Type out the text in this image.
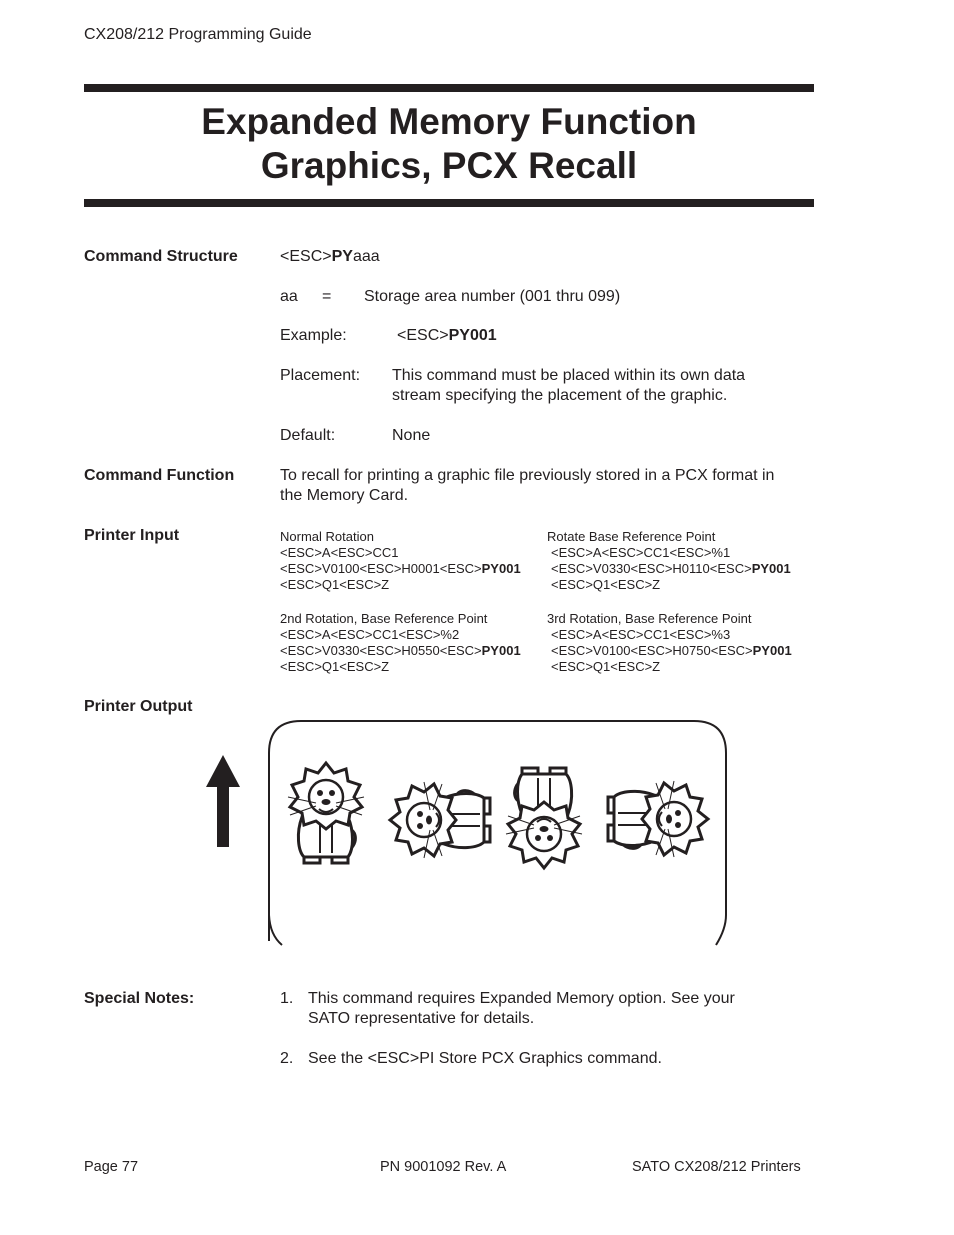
CX208/212 Programming Guide
Expanded Memory Function
Graphics, PCX Recall
Command Structure	<ESC>PYaaa
aa = Storage area number (001 thru 099)
Example:	<ESC>PY001
Placement: This command must be placed within its own data
stream specifying the placement of the graphic.
Default:	None
Command Function	To recall for printing a graphic file previously stored in a PCX format in
the Memory Card.
Printer Input	Normal Rotation
<ESC>A<ESC>CC1
<ESC>V0100<ESC>H0001<ESC>PY001
<ESC>Q1<ESC>Z
Rotate Base Reference Point
<ESC>A<ESC>CC1<ESC>%1
<ESC>V0330<ESC>H0110<ESC>PY001
<ESC>Q1<ESC>Z
2nd Rotation, Base Reference Point
<ESC>A<ESC>CC1<ESC>%2
<ESC>V0330<ESC>H0550<ESC>PY001
<ESC>Q1<ESC>Z
3rd Rotation, Base Reference Point
<ESC>A<ESC>CC1<ESC>%3
<ESC>V0100<ESC>H0750<ESC>PY001
<ESC>Q1<ESC>Z
Printer Output
Special Notes:	1. This command requires Expanded Memory option. See your
SATO representative for details.
2. See the <ESC>PI Store PCX Graphics command.
Page 77	PN 9001092 Rev. A	SATO CX208/212 Printers
